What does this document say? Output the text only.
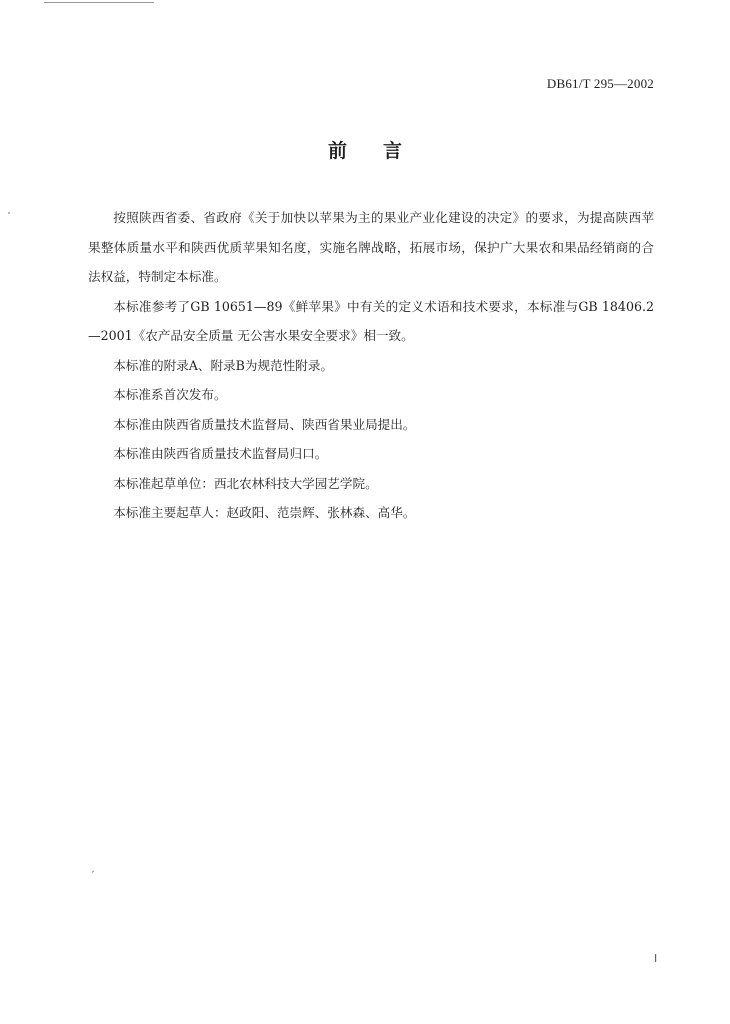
DB61/T 295—2002
前言

按照陕西省委、省政府《关于加快以苹果为主的果业产业化建设的决定》的要求，为提高陕西苹果整体质量水平和陕西优质苹果知名度，实施名牌战略，拓展市场，保护广大果农和果品经销商的合法权益，特制定本标准。

本标准参考了GB 10651—89《鲜苹果》中有关的定义术语和技术要求，本标准与GB 18406.2—2001《农产品安全质量 无公害水果安全要求》相一致。

本标准的附录A、附录B为规范性附录。

本标准系首次发布。

本标准由陕西省质量技术监督局、陕西省果业局提出。

本标准由陕西省质量技术监督局归口。

本标准起草单位：西北农林科技大学园艺学院。

本标准主要起草人：赵政阳、范崇辉、张林森、高华。

ˏ
I
